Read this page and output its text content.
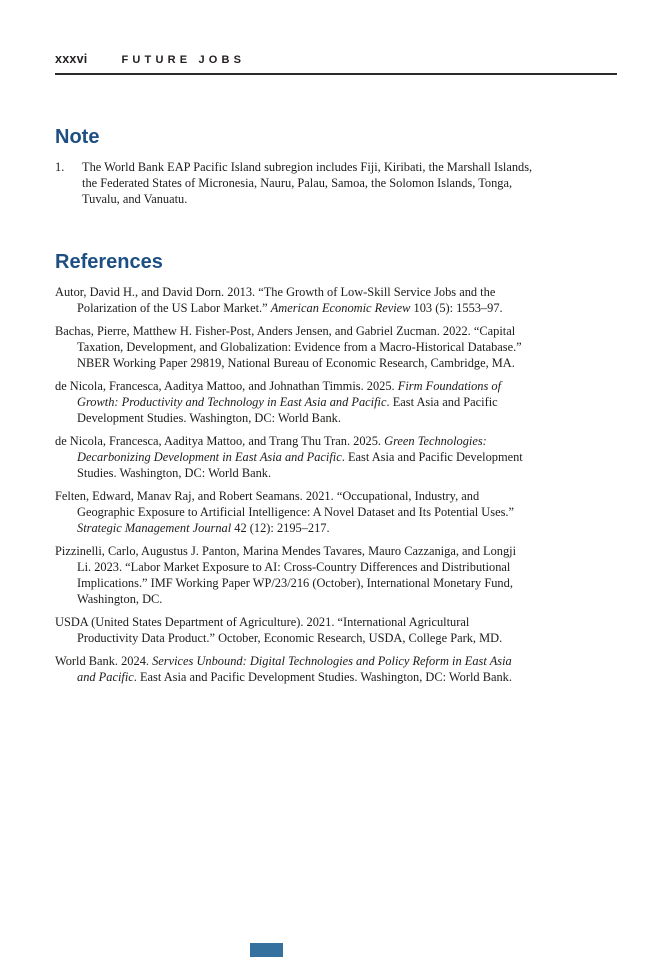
xxxvi	FUTURE JOBS
Note
1.	The World Bank EAP Pacific Island subregion includes Fiji, Kiribati, the Marshall Islands,
the Federated States of Micronesia, Nauru, Palau, Samoa, the Solomon Islands, Tonga,
Tuvalu, and Vanuatu.
References
Autor, David H., and David Dorn. 2013. “The Growth of Low-Skill Service Jobs and the
Polarization of the US Labor Market.” American Economic Review 103 (5): 1553–97.
Bachas, Pierre, Matthew H. Fisher-Post, Anders Jensen, and Gabriel Zucman. 2022. “Capital
Taxation, Development, and Globalization: Evidence from a Macro-Historical Database.”
NBER Working Paper 29819, National Bureau of Economic Research, Cambridge, MA.
de Nicola, Francesca, Aaditya Mattoo, and Johnathan Timmis. 2025. Firm Foundations of
Growth: Productivity and Technology in East Asia and Pacific. East Asia and Pacific
Development Studies. Washington, DC: World Bank.
de Nicola, Francesca, Aaditya Mattoo, and Trang Thu Tran. 2025. Green Technologies:
Decarbonizing Development in East Asia and Pacific. East Asia and Pacific Development
Studies. Washington, DC: World Bank.
Felten, Edward, Manav Raj, and Robert Seamans. 2021. “Occupational, Industry, and
Geographic Exposure to Artificial Intelligence: A Novel Dataset and Its Potential Uses.”
Strategic Management Journal 42 (12): 2195–217.
Pizzinelli, Carlo, Augustus J. Panton, Marina Mendes Tavares, Mauro Cazzaniga, and Longji
Li. 2023. “Labor Market Exposure to AI: Cross-Country Differences and Distributional
Implications.” IMF Working Paper WP/23/216 (October), International Monetary Fund,
Washington, DC.
USDA (United States Department of Agriculture). 2021. “International Agricultural
Productivity Data Product.” October, Economic Research, USDA, College Park, MD.
World Bank. 2024. Services Unbound: Digital Technologies and Policy Reform in East Asia
and Pacific. East Asia and Pacific Development Studies. Washington, DC: World Bank.
